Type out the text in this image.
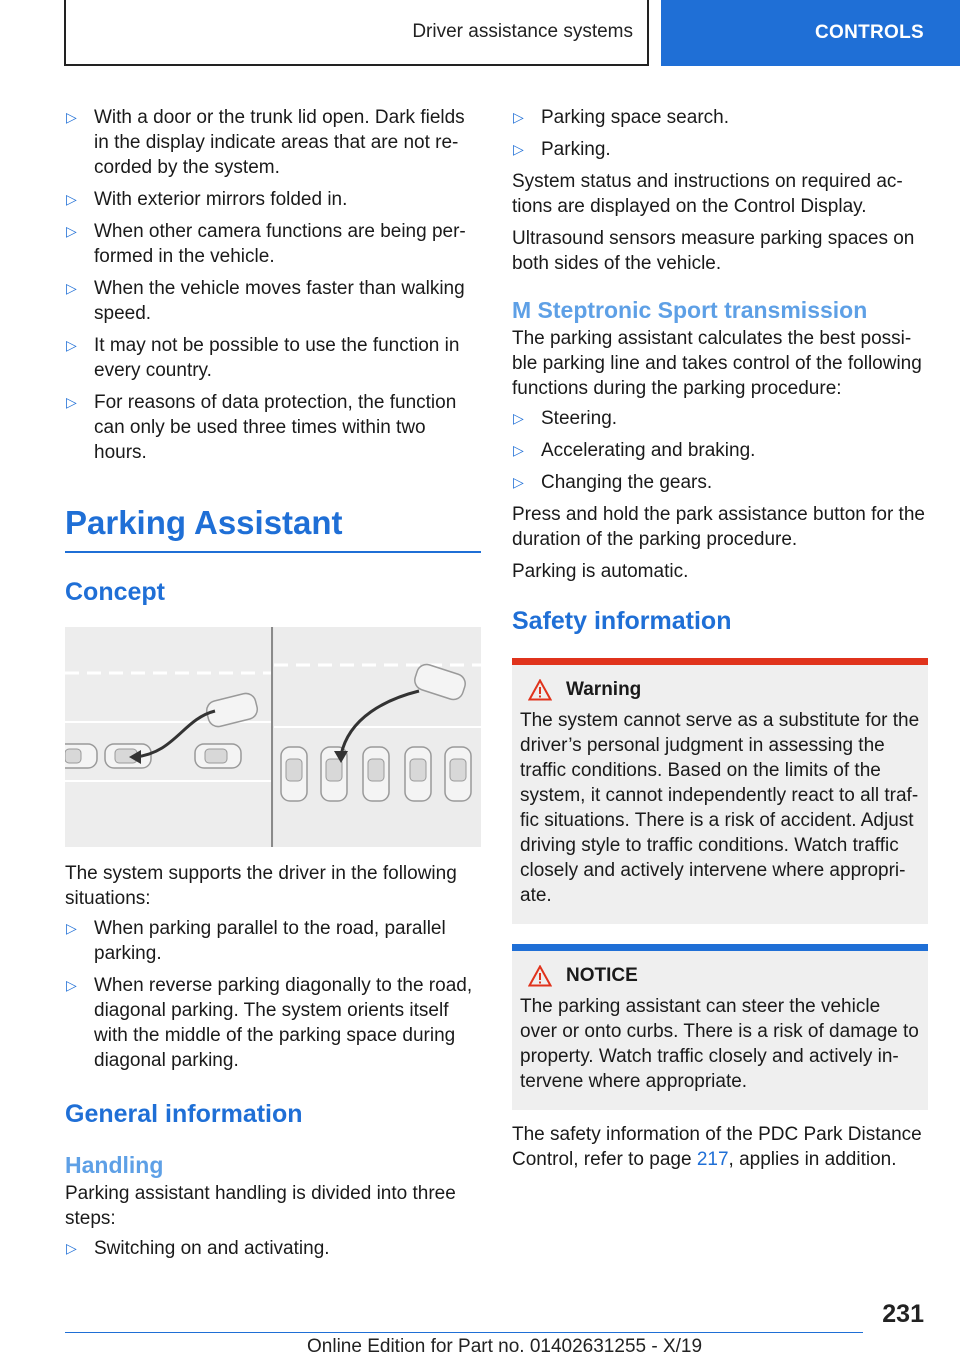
Driver assistance systems	CONTROLS
▷ With a door or the trunk lid open. Dark fields in the display indicate areas that are not re‐corded by the system.
▷ With exterior mirrors folded in.
▷ When other camera functions are being per‐formed in the vehicle.
▷ When the vehicle moves faster than walking speed.
▷ It may not be possible to use the function in every country.
▷ For reasons of data protection, the function can only be used three times within two hours.
Parking Assistant
Concept

The system supports the driver in the following situations:

▷ When parking parallel to the road, parallel parking.
▷ When reverse parking diagonally to the road, diagonal parking. The system orients itself with the middle of the parking space during diagonal parking.
General information
Handling

Parking assistant handling is divided into three steps:

▷ Switching on and activating.
▷ Parking space search.
▷ Parking.

System status and instructions on required ac‐tions are displayed on the Control Display.

Ultrasound sensors measure parking spaces on both sides of the vehicle.

M Steptronic Sport transmission

The parking assistant calculates the best possi‐ble parking line and takes control of the following functions during the parking procedure:

▷ Steering.
▷ Accelerating and braking.
▷ Changing the gears.

Press and hold the park assistance button for the duration of the parking procedure.

Parking is automatic.

Safety information
Warning
The system cannot serve as a substitute for the driver’s personal judgment in assessing the traffic conditions. Based on the limits of the system, it cannot independently react to all traf‐fic situations. There is a risk of accident. Adjust driving style to traffic conditions. Watch traffic closely and actively intervene where appropri‐ate.
NOTICE
The parking assistant can steer the vehicle over or onto curbs. There is a risk of damage to property. Watch traffic closely and actively in‐tervene where appropriate.

The safety information of the PDC Park Distance Control, refer to page 217, applies in addition.

231
Online Edition for Part no. 01402631255 - X/19
